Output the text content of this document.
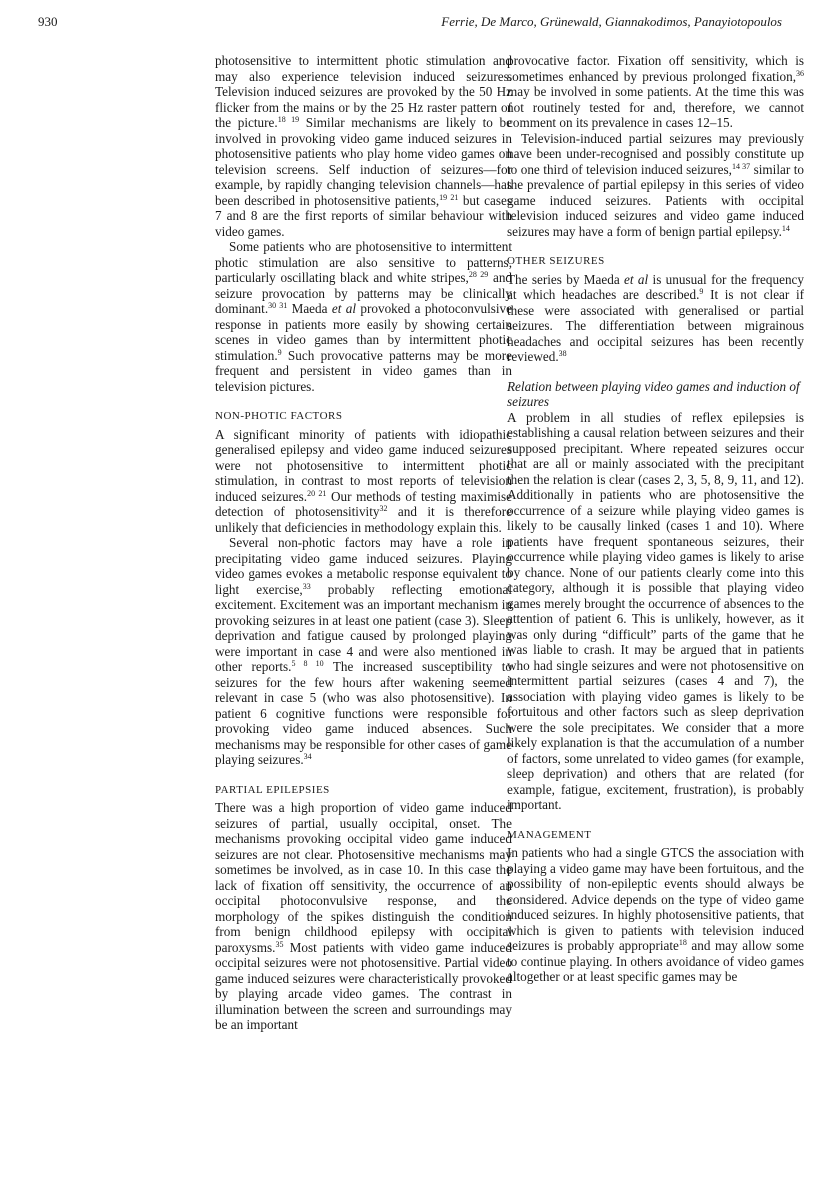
930	Ferrie, De Marco, Grünewald, Giannakodimos, Panayiotopoulos

photosensitive to intermittent photic stimulation and may also experience television induced seizures. Television induced seizures are provoked by the 50 Hz flicker from the mains or by the 25 Hz raster pattern of the picture.$^{18 19}$ Similar mechanisms are likely to be involved in provoking video game induced seizures in photosensitive patients who play home video games on television screens. Self induction of seizures—for example, by rapidly changing television channels—has been described in photosensitive patients,$^{19 21}$ but cases 7 and 8 are the first reports of similar behaviour with video games.

Some patients who are photosensitive to intermittent photic stimulation are also sensitive to patterns, particularly oscillating black and white stripes,$^{28 29}$ and seizure provocation by patterns may be clinically dominant.$^{30 31}$ Maeda et al provoked a photoconvulsive response in patients more easily by showing certain scenes in video games than by intermittent photic stimulation.$^9$ Such provocative patterns may be more frequent and persistent in video games than in television pictures.

NON-PHOTIC FACTORS

A significant minority of patients with idiopathic generalised epilepsy and video game induced seizures were not photosensitive to intermittent photic stimulation, in contrast to most reports of television induced seizures.$^{20 21}$ Our methods of testing maximise detection of photosensitivity$^{32}$ and it is therefore unlikely that deficiencies in methodology explain this.

Several non-photic factors may have a role in precipitating video game induced seizures. Playing video games evokes a metabolic response equivalent to light exercise,$^{33}$ probably reflecting emotional excitement. Excitement was an important mechanism in provoking seizures in at least one patient (case 3). Sleep deprivation and fatigue caused by prolonged playing were important in case 4 and were also mentioned in other reports.$^{5 8 10}$ The increased susceptibility to seizures for the few hours after wakening seemed relevant in case 5 (who was also photosensitive). In patient 6 cognitive functions were responsible for provoking video game induced absences. Such mechanisms may be responsible for other cases of game playing seizures.$^{34}$

PARTIAL EPILEPSIES

There was a high proportion of video game induced seizures of partial, usually occipital, onset. The mechanisms provoking occipital video game induced seizures are not clear. Photosensitive mechanisms may sometimes be involved, as in case 10. In this case the lack of fixation off sensitivity, the occurrence of an occipital photoconvulsive response, and the morphology of the spikes distinguish the condition from benign childhood epilepsy with occipital paroxysms.$^{35}$ Most patients with video game induced occipital seizures were not photosensitive. Partial video game induced seizures were characteristically provoked by playing arcade video games. The contrast in illumination between the screen and surroundings may be an important

provocative factor. Fixation off sensitivity, which is sometimes enhanced by previous prolonged fixation,$^{36}$ may be involved in some patients. At the time this was not routinely tested for and, therefore, we cannot comment on its prevalence in cases 12–15.

Television-induced partial seizures may previously have been under-recognised and possibly constitute up to one third of television induced seizures,$^{14 37}$ similar to the prevalence of partial epilepsy in this series of video game induced seizures. Patients with occipital television induced seizures and video game induced seizures may have a form of benign partial epilepsy.$^{14}$

OTHER SEIZURES

The series by Maeda et al is unusual for the frequency at which headaches are described.$^9$ It is not clear if these were associated with generalised or partial seizures. The differentiation between migrainous headaches and occipital seizures has been recently reviewed.$^{38}$

Relation between playing video games and induction of seizures

A problem in all studies of reflex epilepsies is establishing a causal relation between seizures and their supposed precipitant. Where repeated seizures occur that are all or mainly associated with the precipitant then the relation is clear (cases 2, 3, 5, 8, 9, 11, and 12). Additionally in patients who are photosensitive the occurrence of a seizure while playing video games is likely to be causally linked (cases 1 and 10). Where patients have frequent spontaneous seizures, their occurrence while playing video games is likely to arise by chance. None of our patients clearly come into this category, although it is possible that playing video games merely brought the occurrence of absences to the attention of patient 6. This is unlikely, however, as it was only during “difficult” parts of the game that he was liable to crash. It may be argued that in patients who had single seizures and were not photosensitive on intermittent partial seizures (cases 4 and 7), the association with playing video games is likely to be fortuitous and other factors such as sleep deprivation were the sole precipitates. We consider that a more likely explanation is that the accumulation of a number of factors, some unrelated to video games (for example, sleep deprivation) and others that are related (for example, fatigue, excitement, frustration), is probably important.

MANAGEMENT

In patients who had a single GTCS the association with playing a video game may have been fortuitous, and the possibility of non-epileptic events should always be considered. Advice depends on the type of video game induced seizures. In highly photosensitive patients, that which is given to patients with television induced seizures is probably appropriate$^{18}$ and may allow some to continue playing. In others avoidance of video games altogether or at least specific games may be
